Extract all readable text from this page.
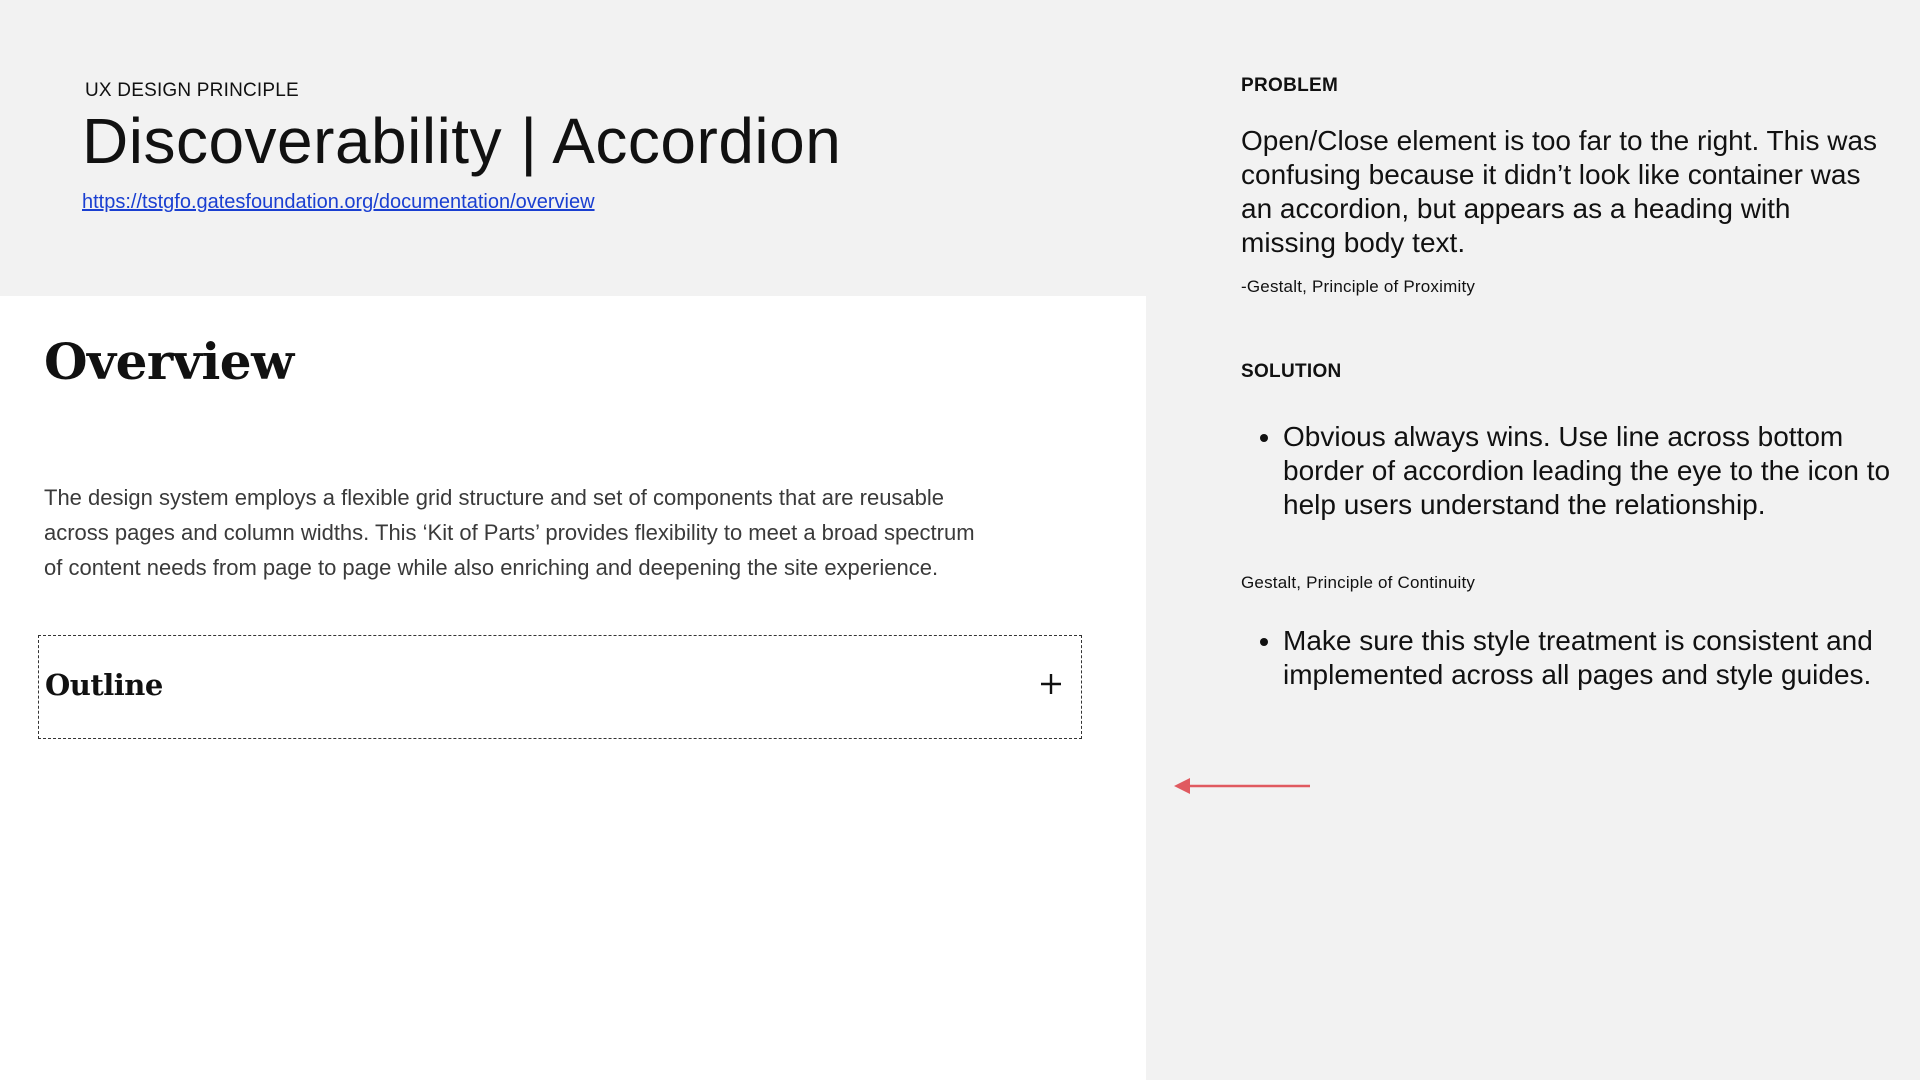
UX DESIGN PRINCIPLE
Discoverability | Accordion
https://tstgfo.gatesfoundation.org/documentation/overview
Overview

The design system employs a flexible grid structure and set of components that are reusable across pages and column widths. This ‘Kit of Parts’ provides flexibility to meet a broad spectrum of content needs from page to page while also enriching and deepening the site experience.

Outline
PROBLEM

Open/Close element is too far to the right. This was confusing because it didn’t look like container was an accordion, but appears as a heading with missing body text.

-Gestalt, Principle of Proximity
SOLUTION
• Obvious always wins. Use line across bottom border of accordion leading the eye to the icon to help users understand the relationship.
Gestalt, Principle of Continuity
• Make sure this style treatment is consistent and implemented across all pages and style guides.
